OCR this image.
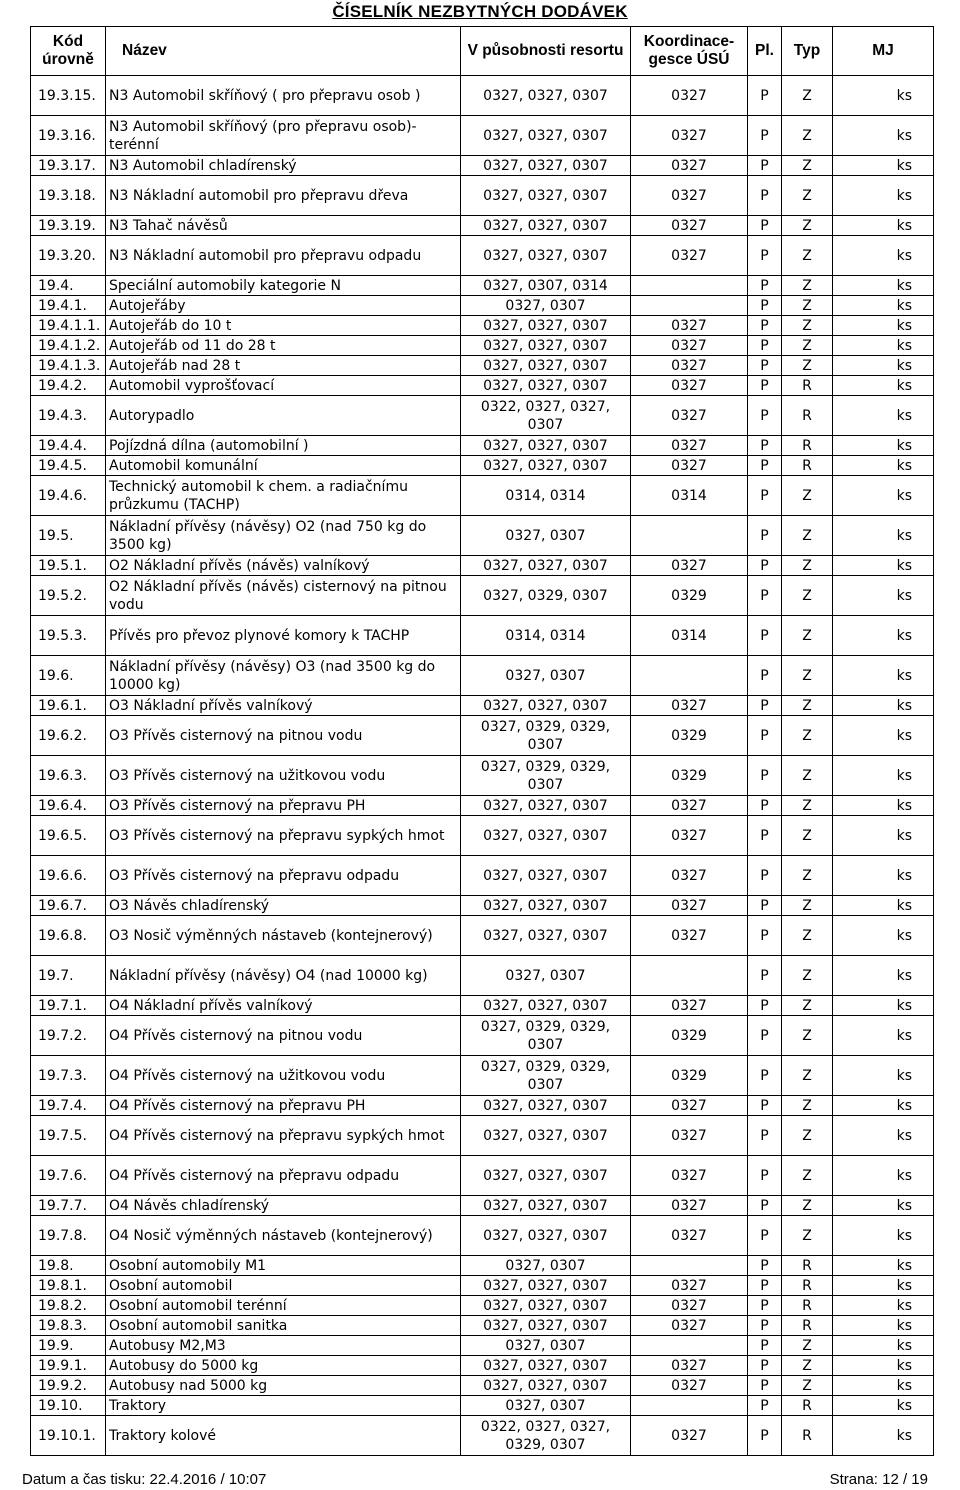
ČÍSELNÍK NEZBYTNÝCH DODÁVEK
Kód úrovně	Název	V působnosti resortu	Koordinace-gesce ÚSÚ	Pl.	Typ	MJ
19.3.15.	N3 Automobil skříňový ( pro přepravu osob )	0327, 0327, 0307	0327	P	Z	ks
19.3.16.	N3 Automobil skříňový (pro přepravu osob)-terénní	0327, 0327, 0307	0327	P	Z	ks
19.3.17.	N3 Automobil chladírenský	0327, 0327, 0307	0327	P	Z	ks
19.3.18.	N3 Nákladní automobil pro přepravu dřeva	0327, 0327, 0307	0327	P	Z	ks
19.3.19.	N3 Tahač návěsů	0327, 0327, 0307	0327	P	Z	ks
19.3.20.	N3 Nákladní automobil pro přepravu odpadu	0327, 0327, 0307	0327	P	Z	ks
19.4.	Speciální automobily kategorie N	0327, 0307, 0314		P	Z	ks
19.4.1.	Autojeřáby	0327, 0307		P	Z	ks
19.4.1.1.	Autojeřáb do 10 t	0327, 0327, 0307	0327	P	Z	ks
19.4.1.2.	Autojeřáb od 11 do 28 t	0327, 0327, 0307	0327	P	Z	ks
19.4.1.3.	Autojeřáb nad 28 t	0327, 0327, 0307	0327	P	Z	ks
19.4.2.	Automobil vyprošťovací	0327, 0327, 0307	0327	P	R	ks
19.4.3.	Autorypadlo	0322, 0327, 0327, 0307	0327	P	R	ks
19.4.4.	Pojízdná dílna (automobilní )	0327, 0327, 0307	0327	P	R	ks
19.4.5.	Automobil komunální	0327, 0327, 0307	0327	P	R	ks
19.4.6.	Technický automobil k chem. a radiačnímu průzkumu (TACHP)	0314, 0314	0314	P	Z	ks
19.5.	Nákladní přívěsy (návěsy) O2 (nad 750 kg do 3500 kg)	0327, 0307		P	Z	ks
19.5.1.	O2 Nákladní přívěs (návěs) valníkový	0327, 0327, 0307	0327	P	Z	ks
19.5.2.	O2 Nákladní přívěs (návěs) cisternový na pitnou vodu	0327, 0329, 0307	0329	P	Z	ks
19.5.3.	Přívěs pro převoz plynové komory k TACHP	0314, 0314	0314	P	Z	ks
19.6.	Nákladní přívěsy (návěsy) O3 (nad 3500 kg do 10000 kg)	0327, 0307		P	Z	ks
19.6.1.	O3 Nákladní přívěs valníkový	0327, 0327, 0307	0327	P	Z	ks
19.6.2.	O3 Přívěs cisternový na pitnou vodu	0327, 0329, 0329, 0307	0329	P	Z	ks
19.6.3.	O3 Přívěs cisternový na užitkovou vodu	0327, 0329, 0329, 0307	0329	P	Z	ks
19.6.4.	O3 Přívěs cisternový na přepravu PH	0327, 0327, 0307	0327	P	Z	ks
19.6.5.	O3 Přívěs cisternový na přepravu sypkých hmot	0327, 0327, 0307	0327	P	Z	ks
19.6.6.	O3 Přívěs cisternový na přepravu odpadu	0327, 0327, 0307	0327	P	Z	ks
19.6.7.	O3 Návěs chladírenský	0327, 0327, 0307	0327	P	Z	ks
19.6.8.	O3 Nosič výměnných nástaveb (kontejnerový)	0327, 0327, 0307	0327	P	Z	ks
19.7.	Nákladní přívěsy (návěsy) O4 (nad 10000 kg)	0327, 0307		P	Z	ks
19.7.1.	O4 Nákladní přívěs valníkový	0327, 0327, 0307	0327	P	Z	ks
19.7.2.	O4 Přívěs cisternový na pitnou vodu	0327, 0329, 0329, 0307	0329	P	Z	ks
19.7.3.	O4 Přívěs cisternový na užitkovou vodu	0327, 0329, 0329, 0307	0329	P	Z	ks
19.7.4.	O4 Přívěs cisternový na přepravu PH	0327, 0327, 0307	0327	P	Z	ks
19.7.5.	O4 Přívěs cisternový na přepravu sypkých hmot	0327, 0327, 0307	0327	P	Z	ks
19.7.6.	O4 Přívěs cisternový na přepravu odpadu	0327, 0327, 0307	0327	P	Z	ks
19.7.7.	O4 Návěs chladírenský	0327, 0327, 0307	0327	P	Z	ks
19.7.8.	O4 Nosič výměnných nástaveb (kontejnerový)	0327, 0327, 0307	0327	P	Z	ks
19.8.	Osobní automobily M1	0327, 0307		P	R	ks
19.8.1.	Osobní automobil	0327, 0327, 0307	0327	P	R	ks
19.8.2.	Osobní automobil terénní	0327, 0327, 0307	0327	P	R	ks
19.8.3.	Osobní automobil sanitka	0327, 0327, 0307	0327	P	R	ks
19.9.	Autobusy M2,M3	0327, 0307		P	Z	ks
19.9.1.	Autobusy do 5000 kg	0327, 0327, 0307	0327	P	Z	ks
19.9.2.	Autobusy nad 5000 kg	0327, 0327, 0307	0327	P	Z	ks
19.10.	Traktory	0327, 0307		P	R	ks
19.10.1.	Traktory kolové	0322, 0327, 0327, 0329, 0307	0327	P	R	ks
Datum a čas tisku: 22.4.2016 / 10:07	Strana: 12 / 19
